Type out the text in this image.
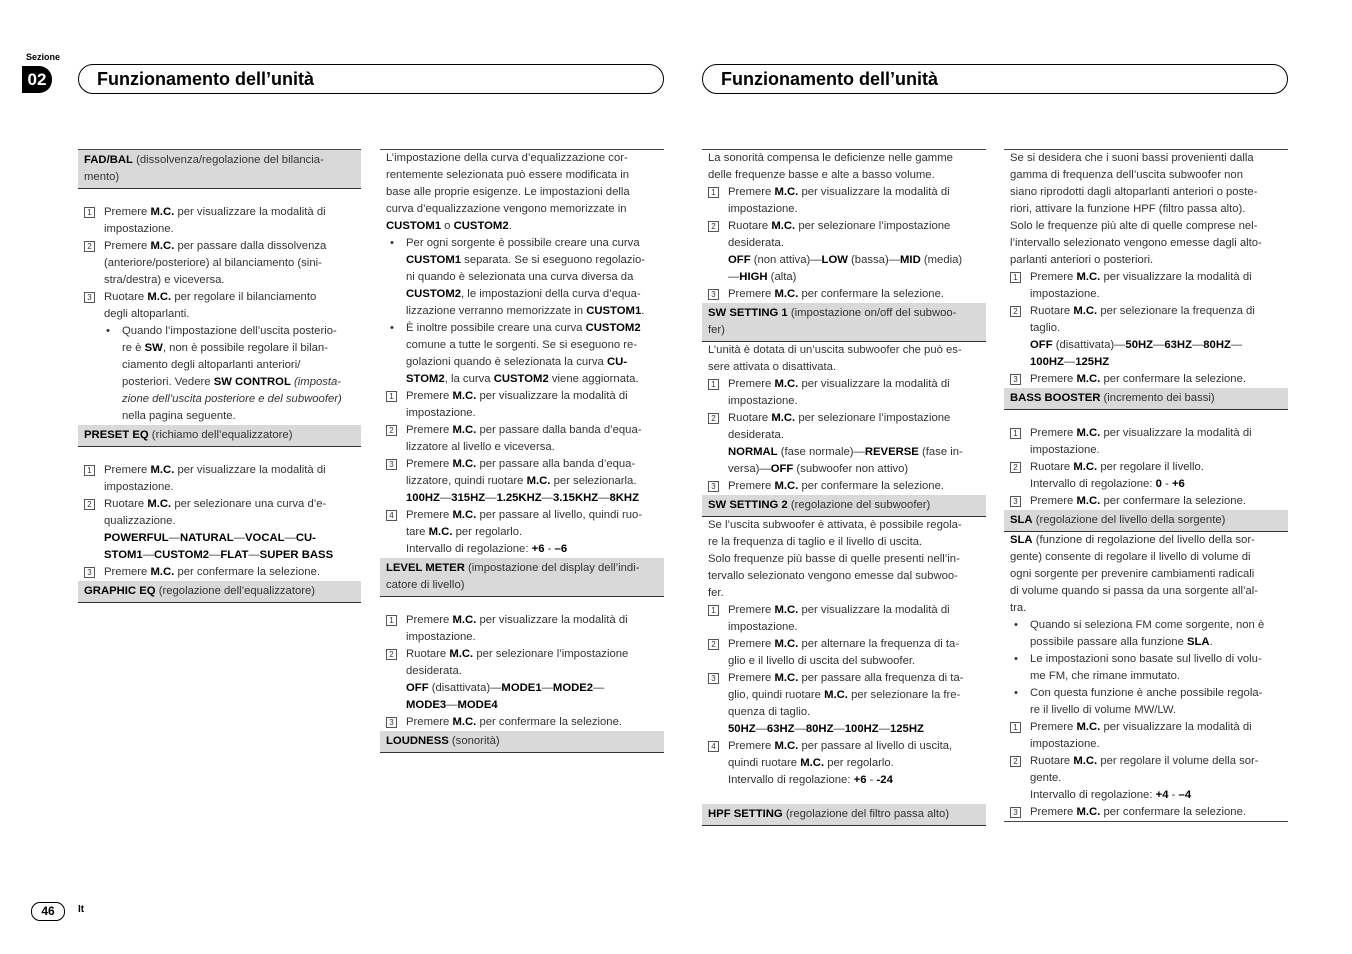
Sezione
02	Funzionamento dell’unità	Funzionamento dell’unità
FAD/BAL (dissolvenza/regolazione del bilancia-
mento)
1 Premere M.C. per visualizzare la modalità di
impostazione.
2 Premere M.C. per passare dalla dissolvenza
(anteriore/posteriore) al bilanciamento (sini-
stra/destra) e viceversa.
3 Ruotare M.C. per regolare il bilanciamento
degli altoparlanti.
• Quando l’impostazione dell’uscita posterio-
re è SW, non è possibile regolare il bilan-
ciamento degli altoparlanti anteriori/
posteriori. Vedere SW CONTROL (imposta-
zione dell’uscita posteriore e del subwoofer)
nella pagina seguente.
PRESET EQ (richiamo dell’equalizzatore)
1 Premere M.C. per visualizzare la modalità di
impostazione.
2 Ruotare M.C. per selezionare una curva d’e-
qualizzazione.
POWERFUL—NATURAL—VOCAL—CU-
STOM1—CUSTOM2—FLAT—SUPER BASS
3 Premere M.C. per confermare la selezione.
GRAPHIC EQ (regolazione dell’equalizzatore)
L’impostazione della curva d’equalizzazione cor-
rentemente selezionata può essere modificata in
base alle proprie esigenze. Le impostazioni della
curva d’equalizzazione vengono memorizzate in
CUSTOM1 o CUSTOM2.
• Per ogni sorgente è possibile creare una curva
CUSTOM1 separata. Se si eseguono regolazio-
ni quando è selezionata una curva diversa da
CUSTOM2, le impostazioni della curva d’equa-
lizzazione verranno memorizzate in CUSTOM1.
• È inoltre possibile creare una curva CUSTOM2
comune a tutte le sorgenti. Se si eseguono re-
golazioni quando è selezionata la curva CU-
STOM2, la curva CUSTOM2 viene aggiornata.
1 Premere M.C. per visualizzare la modalità di
impostazione.
2 Premere M.C. per passare dalla banda d’equa-
lizzatore al livello e viceversa.
3 Premere M.C. per passare alla banda d’equa-
lizzatore, quindi ruotare M.C. per selezionarla.
100HZ—315HZ—1.25KHZ—3.15KHZ—8KHZ
4 Premere M.C. per passare al livello, quindi ruo-
tare M.C. per regolarlo.
Intervallo di regolazione: +6 - –6
LEVEL METER (impostazione del display dell’indi-
catore di livello)
1 Premere M.C. per visualizzare la modalità di
impostazione.
2 Ruotare M.C. per selezionare l’impostazione
desiderata.
OFF (disattivata)—MODE1—MODE2—
MODE3—MODE4
3 Premere M.C. per confermare la selezione.
LOUDNESS (sonorità)
La sonorità compensa le deficienze nelle gamme
delle frequenze basse e alte a basso volume.
1 Premere M.C. per visualizzare la modalità di
impostazione.
2 Ruotare M.C. per selezionare l’impostazione
desiderata.
OFF (non attiva)—LOW (bassa)—MID (media)
—HIGH (alta)
3 Premere M.C. per confermare la selezione.
SW SETTING 1 (impostazione on/off del subwoo-
fer)
L’unità è dotata di un’uscita subwoofer che può es-
sere attivata o disattivata.
1 Premere M.C. per visualizzare la modalità di
impostazione.
2 Ruotare M.C. per selezionare l’impostazione
desiderata.
NORMAL (fase normale)—REVERSE (fase in-
versa)—OFF (subwoofer non attivo)
3 Premere M.C. per confermare la selezione.
SW SETTING 2 (regolazione del subwoofer)
Se l’uscita subwoofer è attivata, è possibile regola-
re la frequenza di taglio e il livello di uscita.
Solo frequenze più basse di quelle presenti nell’in-
tervallo selezionato vengono emesse dal subwoo-
fer.
1 Premere M.C. per visualizzare la modalità di
impostazione.
2 Premere M.C. per alternare la frequenza di ta-
glio e il livello di uscita del subwoofer.
3 Premere M.C. per passare alla frequenza di ta-
glio, quindi ruotare M.C. per selezionare la fre-
quenza di taglio.
50HZ—63HZ—80HZ—100HZ—125HZ
4 Premere M.C. per passare al livello di uscita,
quindi ruotare M.C. per regolarlo.
Intervallo di regolazione: +6 - -24
HPF SETTING (regolazione del filtro passa alto)
Se si desidera che i suoni bassi provenienti dalla
gamma di frequenza dell’uscita subwoofer non
siano riprodotti dagli altoparlanti anteriori o poste-
riori, attivare la funzione HPF (filtro passa alto).
Solo le frequenze più alte di quelle comprese nel-
l’intervallo selezionato vengono emesse dagli alto-
parlanti anteriori o posteriori.
1 Premere M.C. per visualizzare la modalità di
impostazione.
2 Ruotare M.C. per selezionare la frequenza di
taglio.
OFF (disattivata)—50HZ—63HZ—80HZ—
100HZ—125HZ
3 Premere M.C. per confermare la selezione.
BASS BOOSTER (incremento dei bassi)
1 Premere M.C. per visualizzare la modalità di
impostazione.
2 Ruotare M.C. per regolare il livello.
Intervallo di regolazione: 0 - +6
3 Premere M.C. per confermare la selezione.
SLA (regolazione del livello della sorgente)
SLA (funzione di regolazione del livello della sor-
gente) consente di regolare il livello di volume di
ogni sorgente per prevenire cambiamenti radicali
di volume quando si passa da una sorgente all’al-
tra.
• Quando si seleziona FM come sorgente, non è
possibile passare alla funzione SLA.
• Le impostazioni sono basate sul livello di volu-
me FM, che rimane immutato.
• Con questa funzione è anche possibile regola-
re il livello di volume MW/LW.
1 Premere M.C. per visualizzare la modalità di
impostazione.
2 Ruotare M.C. per regolare il volume della sor-
gente.
Intervallo di regolazione: +4 - –4
3 Premere M.C. per confermare la selezione.
46	It
